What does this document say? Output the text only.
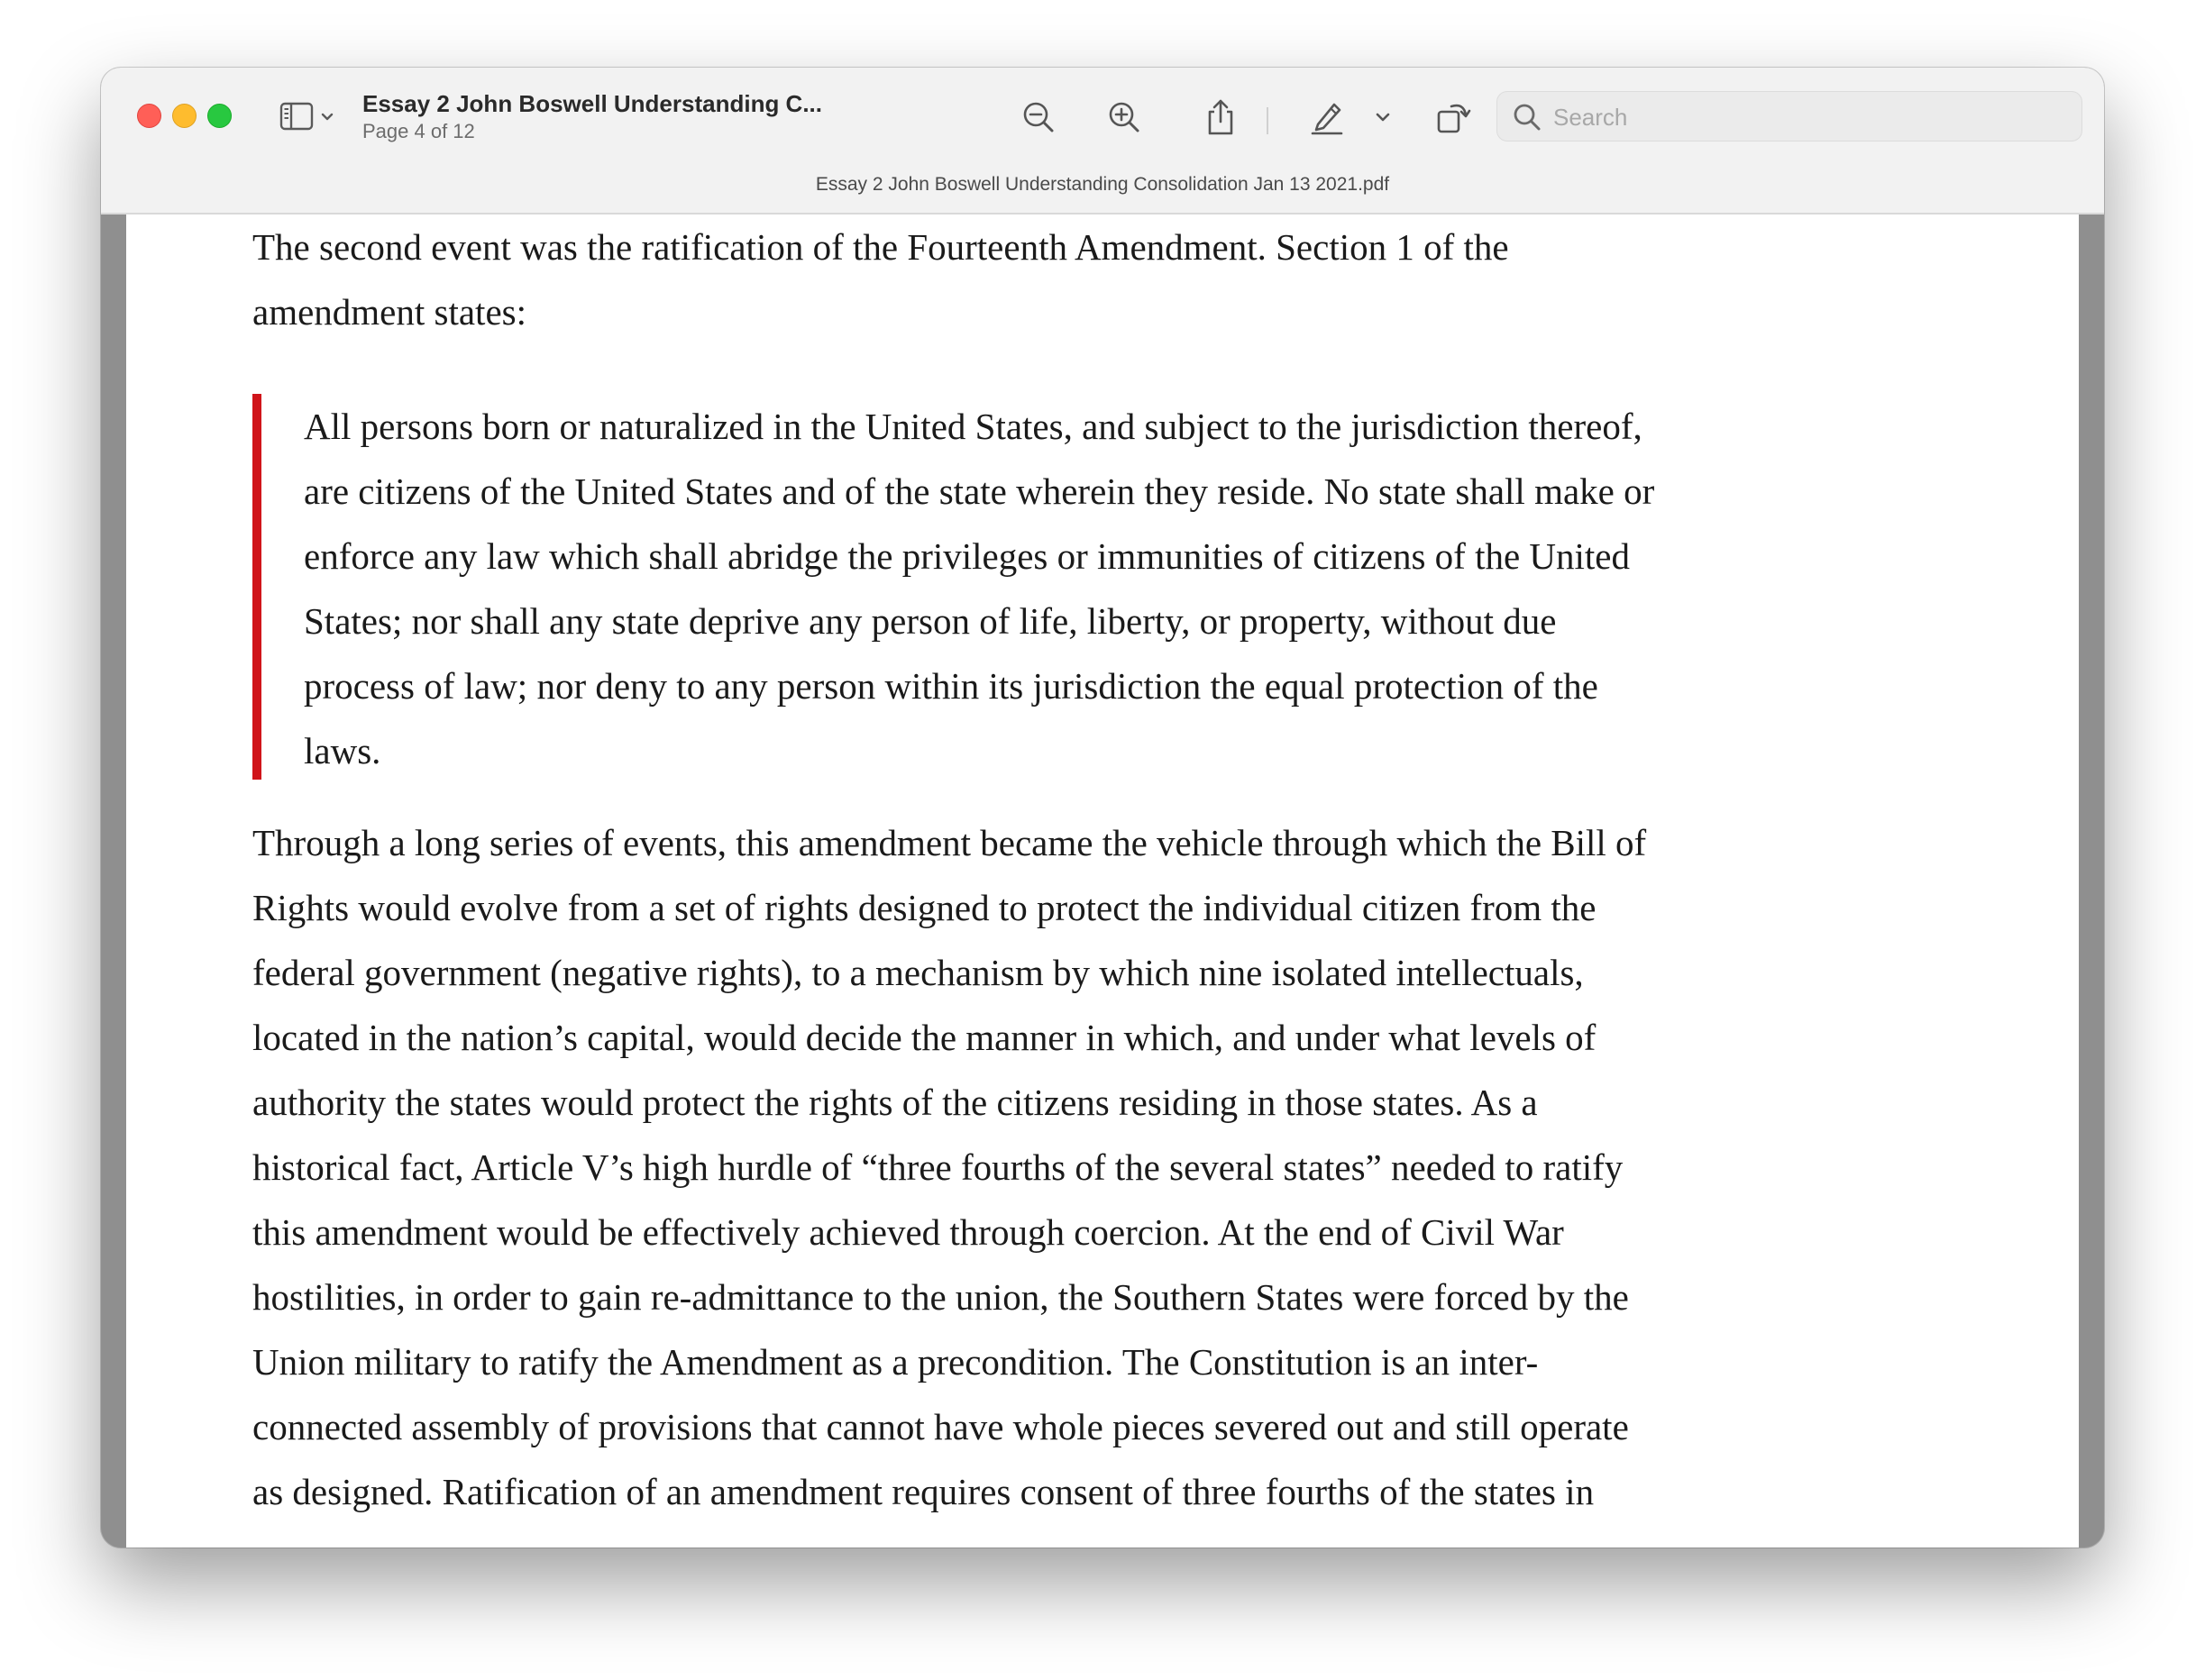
Essay 2 John Boswell Understanding C...
Page 4 of 12
Search
Essay 2 John Boswell Understanding Consolidation Jan 13 2021.pdf

The second event was the ratification of the Fourteenth Amendment. Section 1 of the
amendment states:

All persons born or naturalized in the United States, and subject to the jurisdiction thereof,
are citizens of the United States and of the state wherein they reside. No state shall make or
enforce any law which shall abridge the privileges or immunities of citizens of the United
States; nor shall any state deprive any person of life, liberty, or property, without due
process of law; nor deny to any person within its jurisdiction the equal protection of the
laws.

Through a long series of events, this amendment became the vehicle through which the Bill of
Rights would evolve from a set of rights designed to protect the individual citizen from the
federal government (negative rights), to a mechanism by which nine isolated intellectuals,
located in the nation’s capital, would decide the manner in which, and under what levels of
authority the states would protect the rights of the citizens residing in those states. As a
historical fact, Article V’s high hurdle of “three fourths of the several states” needed to ratify
this amendment would be effectively achieved through coercion. At the end of Civil War
hostilities, in order to gain re-admittance to the union, the Southern States were forced by the
Union military to ratify the Amendment as a precondition. The Constitution is an inter-
connected assembly of provisions that cannot have whole pieces severed out and still operate
as designed. Ratification of an amendment requires consent of three fourths of the states in
